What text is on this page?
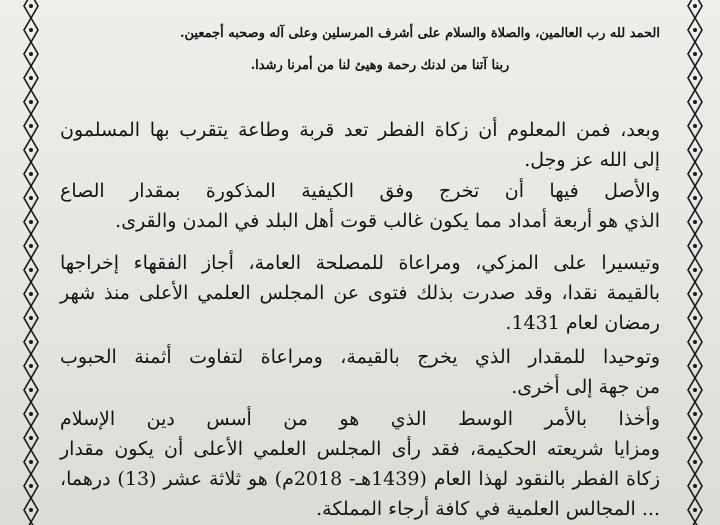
الحمد لله رب العالمين، والصلاة والسلام على أشرف المرسلين وعلى آله وصحبه أجمعين.
ربنا آتنا من لدنك رحمة وهيئ لنا من أمرنا رشدا.
وبعد، فمن المعلوم أن زكاة الفطر تعد قربة وطاعة يتقرب بها المسلمون
إلى الله عز وجل.
والأصل فيها أن تخرج وفق الكيفية المذكورة بمقدار الصاع
الذي هو أربعة أمداد مما يكون غالب قوت أهل البلد في المدن والقرى.
وتيسيرا على المزكي، ومراعاة للمصلحة العامة، أجاز الفقهاء إخراجها
بالقيمة نقدا، وقد صدرت بذلك فتوى عن المجلس العلمي الأعلى منذ شهر
رمضان لعام 1431.
وتوحيدا للمقدار الذي يخرج بالقيمة، ومراعاة لتفاوت أثمنة الحبوب
من جهة إلى أخرى.
وأخذا بالأمر الوسط الذي هو من أسس دين الإسلام
ومزايا شريعته الحكيمة، فقد رأى المجلس العلمي الأعلى أن يكون مقدار
زكاة الفطر بالنقود لهذا العام (1439هـ- 2018م) هو ثلاثة عشر (13) درهما،
... المجالس العلمية في كافة أرجاء المملكة.
